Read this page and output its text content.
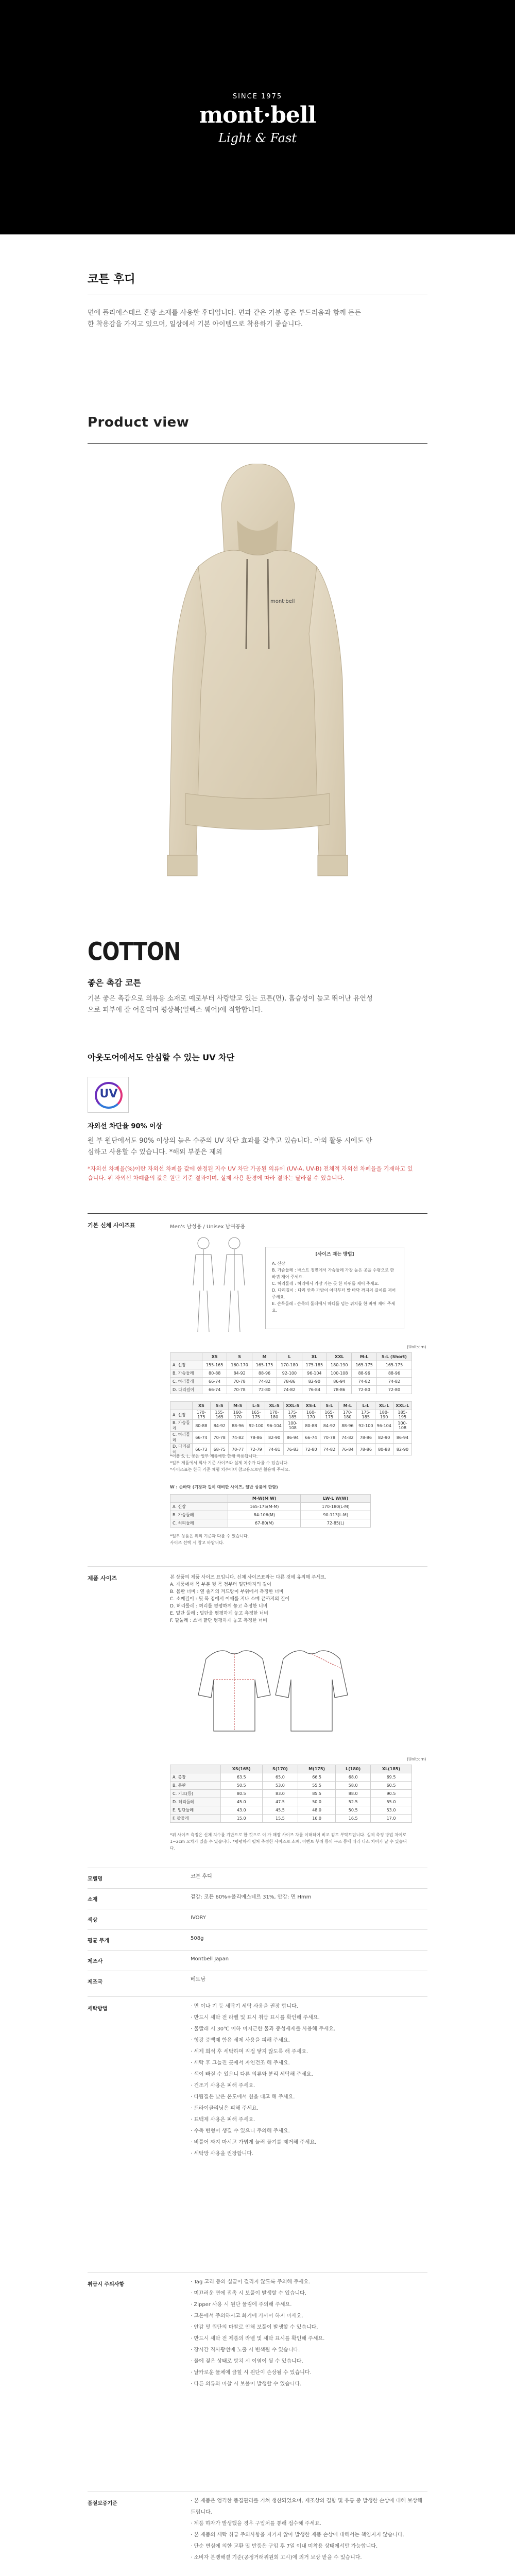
SINCE 1975
mont·bell
Light & Fast
코튼 후디
면에 폴리에스테르 혼방 소재를 사용한 후디입니다. 면과 같은 기분 좋은 부드러움과 함께 든든한 착용감을 가지고 있으며, 일상에서 기본 아이템으로 착용하기 좋습니다.
Product view
mont·bell
COTTON
좋은 촉감 코튼
기본 좋은 촉감으로 의류용 소재로 예로부터 사랑받고 있는 코튼(면). 흡습성이 높고 뛰어난 유연성으로 피부에 잘 어울리며 평상복(일렉스 웨어)에 적합합니다.
아웃도어에서도 안심할 수 있는 UV 차단
UV
자외선 차단율 90% 이상
원 부 원단에서도 90% 이상의 높은 수준의 UV 차단 효과를 갖추고 있습니다. 아외 활동 시에도 안심하고 사용할 수 있습니다. *해외 부분은 제외
*자외선 차폐율(%)이란 자외선 차폐율 값에 한정된 지수 UV 차단 가공된 의류에 (UV-A, UV-B) 전체적 자외선 차폐율을 기재하고 있습니다. 위 자외선 차폐율의 값은 원단 기준 결과이며, 실제 사용 환경에 따라 결과는 달라질 수 있습니다.
기본 신체 사이즈표	Men's 남성용 / Unisex 남여공용
[사이즈 재는 방법]
A. 신장
B. 가슴둘레 : 바스트 정면에서 가슴둘레 가장 높은 곳을 수평으로 한 바퀴 재어 주세요.
C. 허리둘레 : 허리에서 가장 가는 곳 한 바퀴를 재어 주세요.
D. 다리길이 : 다리 안쪽 가랑이 아래부터 발 바닥 까지의 길이를 재어 주세요.
E. 손목둘레 : 손목의 둘레에서 마디를 넘는 위치를 한 바퀴 재어 주세요.
(Unit:cm)
	XS	S	M	L	XL	XXL	M-L	S-L (Short)
A. 신장	155-165	160-170	165-175	170-180	175-185	180-190	165-175	165-175
B. 가슴둘레	80-88	84-92	88-96	92-100	96-104	100-108	88-96	88-96
C. 허리둘레	66-74	70-78	74-82	78-86	82-90	86-94	74-82	74-82
D. 다리길이	66-74	70-78	72-80	74-82	76-84	78-86	72-80	72-80
	XS	S-S	M-S	L-S	XL-S	XXL-S	XS-L	S-L	M-L	L-L	XL-L	XXL-L
A. 신장	170-175	155-165	160-170	165-175	170-180	175-185	160-170	165-175	170-180	175-185	180-190	185-195
B. 가슴둘레	80-88	84-92	88-96	92-100	96-104	100-108	80-88	84-92	88-96	92-100	96-104	100-108
C. 허리둘레	66-74	70-78	74-82	78-86	82-90	86-94	66-74	70-78	74-82	78-86	82-90	86-94
D. 다리길이	66-73	68-75	70-77	72-79	74-81	76-83	72-80	74-82	76-84	78-86	80-88	82-90
*이플 S, L, 롱은 일부 제품에만 한해 적용됩니다.
*일부 제품에서 회사 기준 사이즈와 실제 치수가 다를 수 있습니다.
*사이즈표는 한국 기준 체형 치수이며 참고용으로만 활용해 주세요.
W : 손바닥 (기장과 길이 대비한 사이즈, 일반 상품에 한함)
	M-W(M W)	LW-L W(W)
A. 신장	165-175(M-M)	170-180(L-M)
B. 가슴둘레	84-106(M)	90-113(L-M)
C. 허리둘레	67-80(M)	72-85(L)
*일부 상품은 위의 기준과 다를 수 있습니다.
사이즈 선택 시 참고 바랍니다.
제품 사이즈	본 상품의 제품 사이즈 표입니다. 신체 사이즈표와는 다른 것에 유의해 주세요.
A. 제품에서 목 부분 뒷 목 점부터 밑단까지의 길이
B. 몸판 너비 : 옆 솔기의 겨드랑이 부위에서 측정한 너비
C. 소매길이 : 뒷 목 점에서 어깨를 지나 소매 끝까지의 길이
D. 허리둘레 : 허리를 평평하게 놓고 측정한 너비
E. 밑단 둘레 : 밑단을 평평하게 놓고 측정한 너비
F. 팔둘레 : 소매 끝단 평평하게 놓고 측정한 너비
(Unit:cm)
	XS(165)	S(170)	M(175)	L(180)	XL(185)
A. 총장	63.5	65.0	66.5	68.0	69.5
B. 몸판	50.5	53.0	55.5	58.0	60.5
C. 기모(등)	80.5	83.0	85.5	88.0	90.5
D. 허리둘레	45.0	47.5	50.0	52.5	55.0
E. 밑단둘레	43.0	45.5	48.0	50.5	53.0
F. 팔둘레	15.0	15.5	16.0	16.5	17.0
*위 사이즈 측정은 신체 치수를 기반으로 한 것으로 이 가 매장 사이즈 차를 이해하여 비교 검토 부탁드립니다. 실제 측정 방법 차이로 1~2cm 오차가 있을 수 있습니다. *평평하게 펼쳐 측정한 사이즈로 소매, 이벤트 부위 등의 구조 등에 따라 다소 차이가 날 수 있습니다.
모델명	코튼 후디
소재	겉감: 코튼 60%+폴리에스테르 31%, 안감: 면 Hmm
색상	IVORY
평균 무게	508g
제조사	Montbell Japan
제조국	베트남
세탁방법	· 면 이나 기 등 세탁기 세탁 사용을 권장 합니다.
· 반드시 세탁 전 라벨 및 표시 취급 표시를 확인해 주세요.
· 물빨래 시 30℃ 이하 미지근한 물과 중성세제를 사용해 주세요.
· 형광 증백제 함유 세제 사용을 피해 주세요.
· 세제 희석 후 세탁하며 직접 닿지 않도록 해 주세요.
· 세탁 후 그늘진 곳에서 자연건조 해 주세요.
· 색이 빠질 수 있으니 다른 의류와 분리 세탁해 주세요.
· 건조기 사용은 피해 주세요.
· 다림질은 낮은 온도에서 천을 대고 해 주세요.
· 드라이클리닝은 피해 주세요.
· 표백제 사용은 피해 주세요.
· 수축 변형이 생길 수 있으니 주의해 주세요.
· 비틀어 짜지 마시고 가볍게 눌러 물기를 제거해 주세요.
· 세탁망 사용을 권장합니다.
취급시 주의사항	· Tag 고리 등의 실끝이 걸리지 않도록 주의해 주세요.
· 미끄러운 면에 접촉 시 보풀이 발생할 수 있습니다.
· Zipper 사용 시 원단 물림에 주의해 주세요.
· 고온에서 주의하시고 화기에 가까이 하지 마세요.
· 안감 및 원단의 마찰로 인해 보풀이 발생할 수 있습니다.
· 반드시 세탁 전 제품의 라벨 및 세탁 표시를 확인해 주세요.
· 장시간 직사광선에 노출 시 변색될 수 있습니다.
· 물에 젖은 상태로 방치 시 이염이 될 수 있습니다.
· 날카로운 물체에 긁힐 시 원단이 손상될 수 있습니다.
· 다른 의류와 마찰 시 보풀이 발생할 수 있습니다.
품질보증기준	· 본 제품은 엄격한 품질관리를 거쳐 생산되었으며, 제조상의 결함 및 유통 중 발생한 손상에 대해 보상해 드립니다.
· 제품 하자가 발생했을 경우 구입처를 통해 접수해 주세요.
· 본 제품의 세탁 취급 주의사항을 지키지 않아 발생한 제품 손상에 대해서는 책임지지 않습니다.
· 단순 변심에 의한 교환 및 반품은 구입 후 7일 이내 미착용 상태에서만 가능합니다.
· 소비자 분쟁해결 기준(공정거래위원회 고시)에 의거 보상 받을 수 있습니다.
